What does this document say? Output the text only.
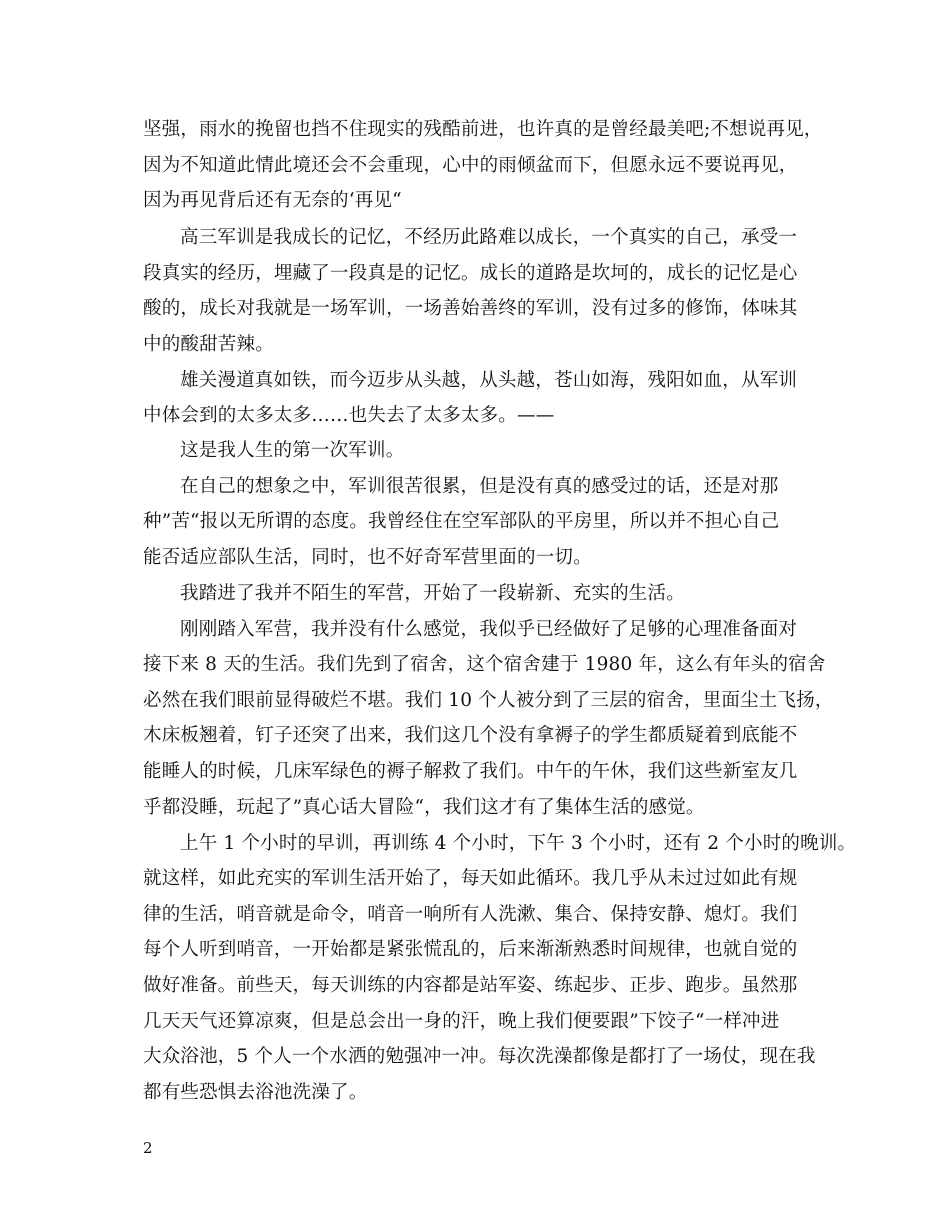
坚强，雨水的挽留也挡不住现实的残酷前进，也许真的是曾经最美吧;不想说再见，
因为不知道此情此境还会不会重现，心中的雨倾盆而下，但愿永远不要说再见，
因为再见背后还有无奈的‘再见“
高三军训是我成长的记忆，不经历此路难以成长，一个真实的自己，承受一
段真实的经历，埋藏了一段真是的记忆。成长的道路是坎坷的，成长的记忆是心
酸的，成长对我就是一场军训，一场善始善终的军训，没有过多的修饰，体味其
中的酸甜苦辣。
雄关漫道真如铁，而今迈步从头越，从头越，苍山如海，残阳如血，从军训
中体会到的太多太多……也失去了太多太多。——
这是我人生的第一次军训。
在自己的想象之中，军训很苦很累，但是没有真的感受过的话，还是对那
种”苦“报以无所谓的态度。我曾经住在空军部队的平房里，所以并不担心自己
能否适应部队生活，同时，也不好奇军营里面的一切。
我踏进了我并不陌生的军营，开始了一段崭新、充实的生活。
刚刚踏入军营，我并没有什么感觉，我似乎已经做好了足够的心理准备面对
接下来 8 天的生活。我们先到了宿舍，这个宿舍建于 1980 年，这么有年头的宿舍
必然在我们眼前显得破烂不堪。我们 10 个人被分到了三层的宿舍，里面尘土飞扬，
木床板翘着，钉子还突了出来，我们这几个没有拿褥子的学生都质疑着到底能不
能睡人的时候，几床军绿色的褥子解救了我们。中午的午休，我们这些新室友几
乎都没睡，玩起了”真心话大冒险“，我们这才有了集体生活的感觉。
上午 1 个小时的早训，再训练 4 个小时，下午 3 个小时，还有 2 个小时的晚训。
就这样，如此充实的军训生活开始了，每天如此循环。我几乎从未过过如此有规
律的生活，哨音就是命令，哨音一响所有人洗漱、集合、保持安静、熄灯。我们
每个人听到哨音，一开始都是紧张慌乱的，后来渐渐熟悉时间规律，也就自觉的
做好准备。前些天，每天训练的内容都是站军姿、练起步、正步、跑步。虽然那
几天天气还算凉爽，但是总会出一身的汗，晚上我们便要跟”下饺子“一样冲进
大众浴池，5 个人一个水洒的勉强冲一冲。每次洗澡都像是都打了一场仗，现在我
都有些恐惧去浴池洗澡了。
2
